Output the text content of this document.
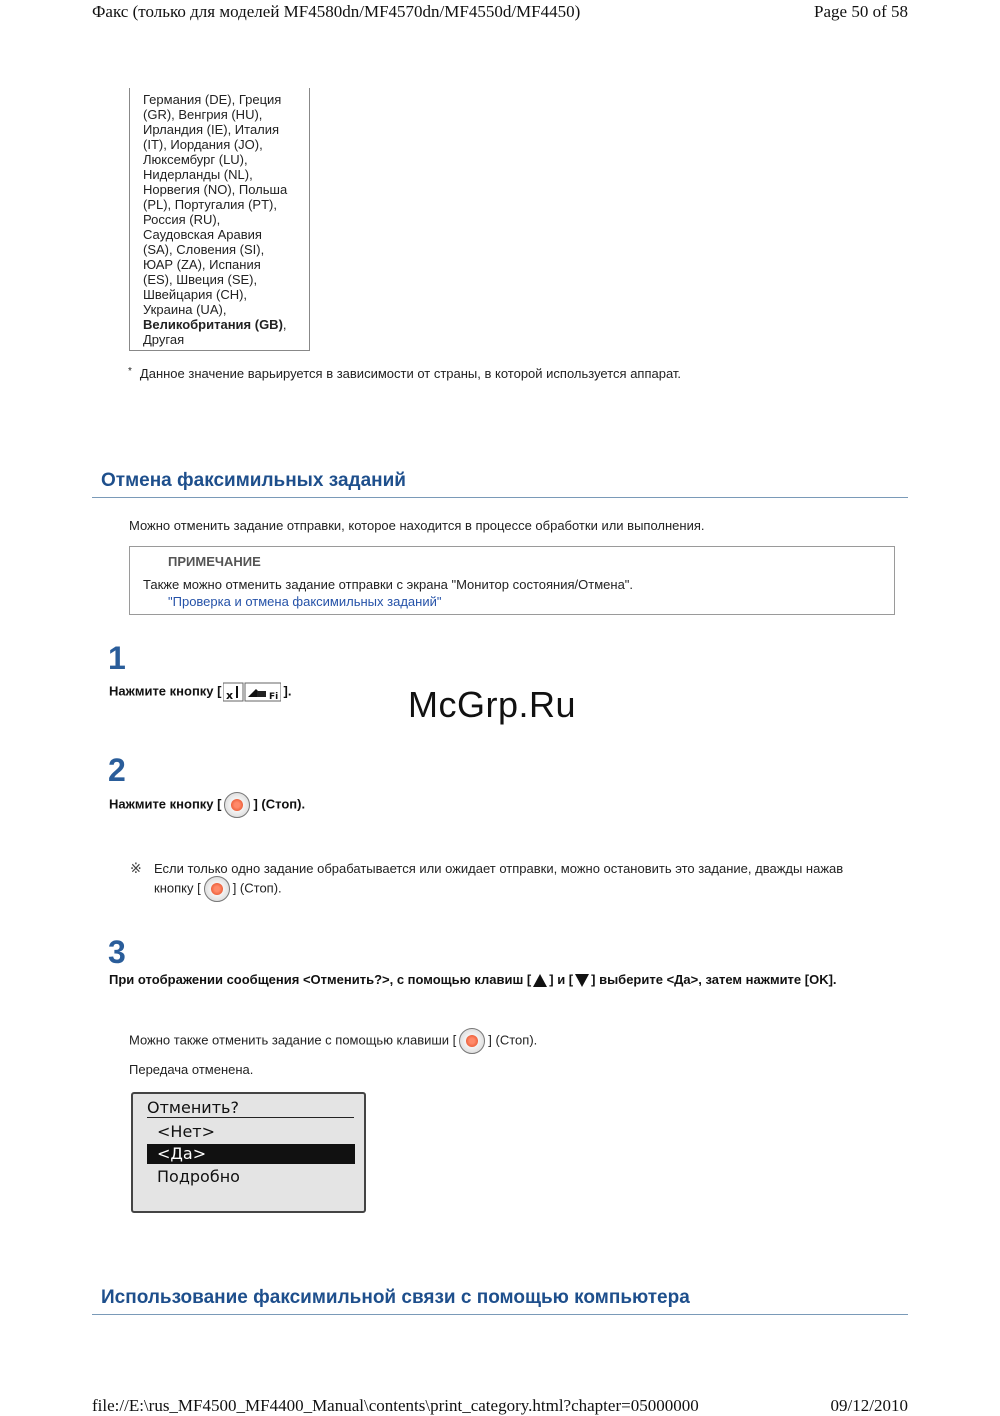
Факс (только для моделей MF4580dn/MF4570dn/MF4550d/MF4450)	Page 50 of 58
Германия (DE), Греция
(GR), Венгрия (HU),
Ирландия (IE), Италия
(IT), Иордания (JO),
Люксембург (LU),
Нидерланды (NL),
Норвегия (NO), Польша
(PL), Португалия (PT),
Россия (RU),
Саудовская Аравия
(SA), Словения (SI),
ЮАР (ZA), Испания
(ES), Швеция (SE),
Швейцария (CH),
Украина (UA),
Великобритания (GB),
Другая
* Данное значение варьируется в зависимости от страны, в которой используется аппарат.
Отмена факсимильных заданий
Можно отменить задание отправки, которое находится в процессе обработки или выполнения.
ПРИМЕЧАНИЕ
Также можно отменить задание отправки с экрана "Монитор состояния/Отмена".
"Проверка и отмена факсимильных заданий"
1
Нажмите кнопку [ x	Fi ].	McGrp.Ru
2
Нажмите кнопку [ ] (Стоп).
※ Если только одно задание обрабатывается или ожидает отправки, можно остановить это задание, дважды нажав
кнопку [ ] (Стоп).
3
При отображении сообщения <Отменить?>, с помощью клавиш [ ] и [ ] выберите <Да>, затем нажмите [OK].
Можно также отменить задание с помощью клавиши [ ] (Стоп).
Передача отменена.
Отменить?
<Нет>
<Да>
Подробно
Использование факсимильной связи с помощью компьютера
file://E:\rus_MF4500_MF4400_Manual\contents\print_category.html?chapter=05000000	09/12/2010
